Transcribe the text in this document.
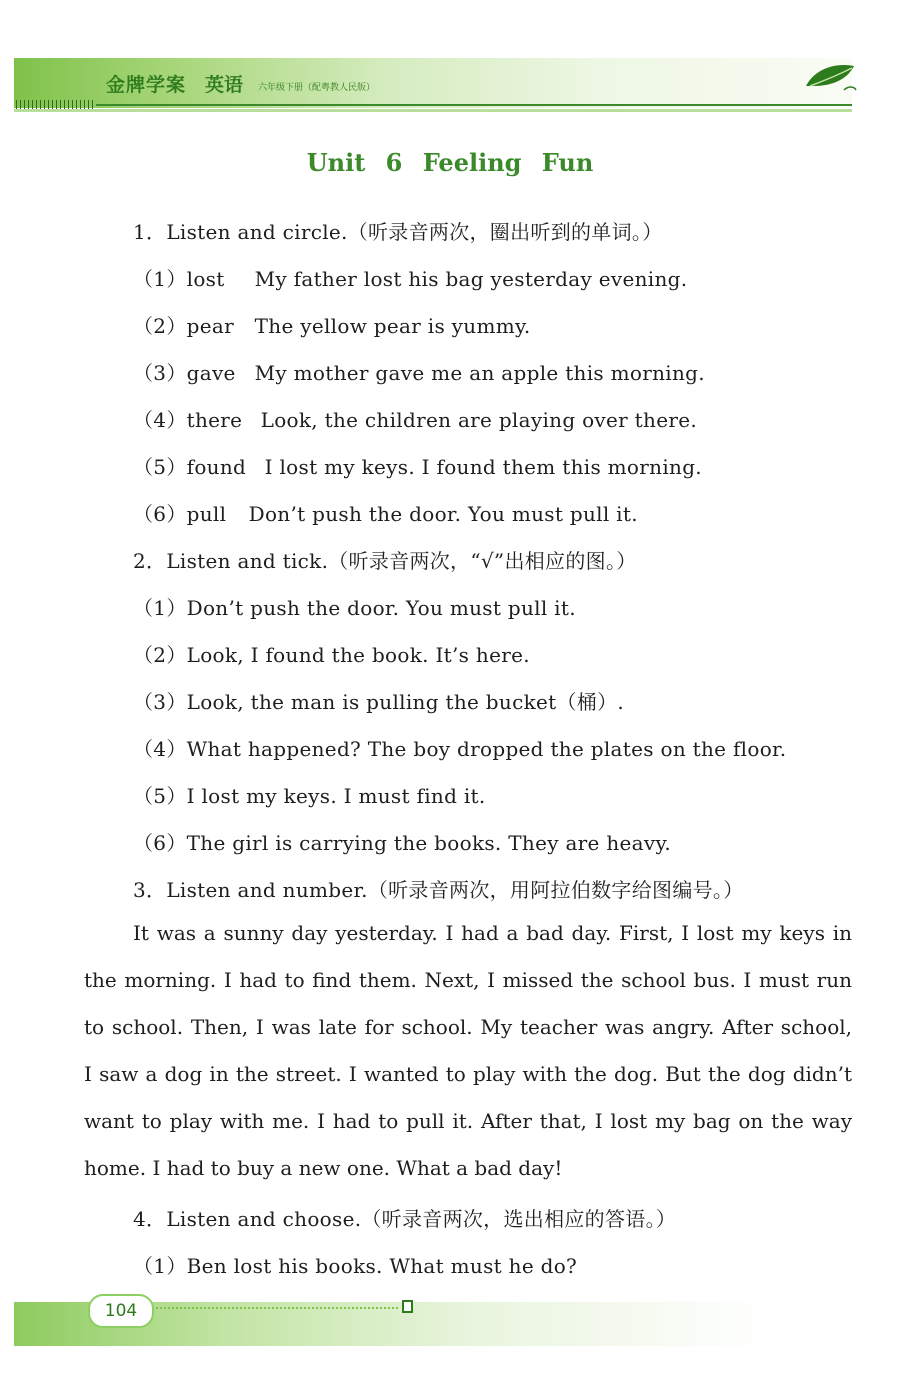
金牌学案 英语 六年级下册（配粤教人民版）
Unit 6 Feeling Fun
1．Listen and circle.（听录音两次，圈出听到的单词。）
（1）lost My father lost his bag yesterday evening.
（2）pear The yellow pear is yummy.
（3）gave My mother gave me an apple this morning.
（4）there Look, the children are playing over there.
（5）found I lost my keys. I found them this morning.
（6）pull Don’t push the door. You must pull it.
2．Listen and tick.（听录音两次，“√”出相应的图。）
（1）Don’t push the door. You must pull it.
（2）Look, I found the book. It’s here.
（3）Look, the man is pulling the bucket（桶）.
（4）What happened? The boy dropped the plates on the floor.
（5）I lost my keys. I must find it.
（6）The girl is carrying the books. They are heavy.
3．Listen and number.（听录音两次，用阿拉伯数字给图编号。）
It was a sunny day yesterday. I had a bad day. First, I lost my keys in
the morning. I had to find them. Next, I missed the school bus. I must run
to school. Then, I was late for school. My teacher was angry. After school,
I saw a dog in the street. I wanted to play with the dog. But the dog didn’t
want to play with me. I had to pull it. After that, I lost my bag on the way
home. I had to buy a new one. What a bad day!
4．Listen and choose.（听录音两次，选出相应的答语。）
（1）Ben lost his books. What must he do?
104
